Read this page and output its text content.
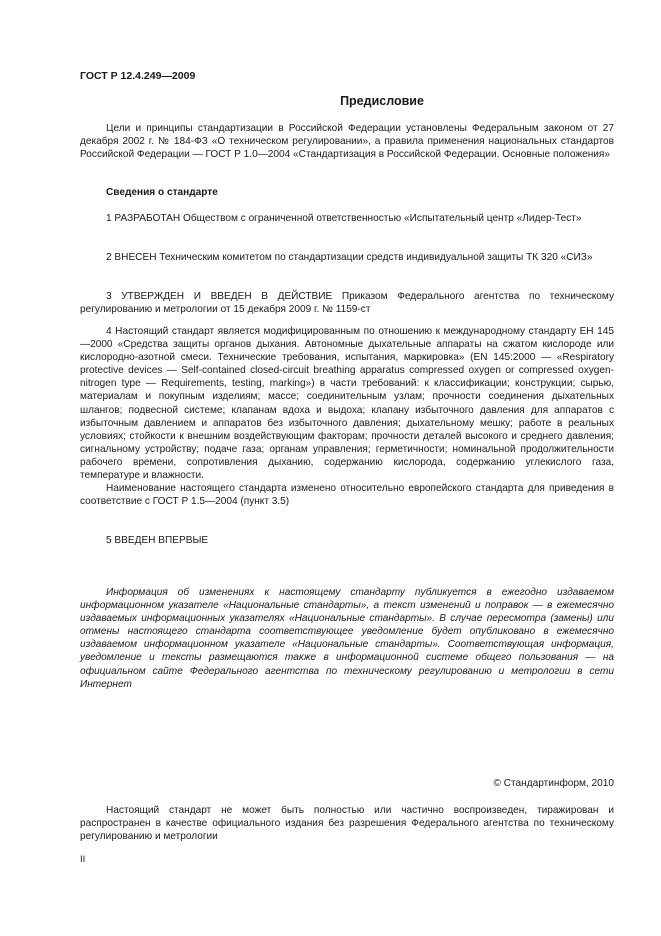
ГОСТ Р 12.4.249—2009
Предисловие

Цели и принципы стандартизации в Российской Федерации установлены Федеральным законом от 27 декабря 2002 г. № 184-ФЗ «О техническом регулировании», а правила применения национальных стандартов Российской Федерации — ГОСТ Р 1.0—2004 «Стандартизация в Российской Федерации. Основные положения»

Сведения о стандарте

1 РАЗРАБОТАН Обществом с ограниченной ответственностью «Испытательный центр «Лидер-Тест»

2 ВНЕСЕН Техническим комитетом по стандартизации средств индивидуальной защиты ТК 320 «СИЗ»

3 УТВЕРЖДЕН И ВВЕДЕН В ДЕЙСТВИЕ Приказом Федерального агентства по техническому регулированию и метрологии от 15 декабря 2009 г. № 1159-ст

4 Настоящий стандарт является модифицированным по отношению к международному стандарту ЕН 145—2000 «Средства защиты органов дыхания. Автономные дыхательные аппараты на сжатом кислороде или кислородно-азотной смеси. Технические требования, испытания, маркировка» (EN 145:2000 — «Respiratory protective devices — Self-contained closed-circuit breathing apparatus compressed oxygen or compressed oxygen-nitrogen type — Requirements, testing, marking») в части требований: к классификации; конструкции; сырью, материалам и покупным изделиям; массе; соединительным узлам; прочности соединения дыхательных шлангов; подвесной системе; клапанам вдоха и выдоха; клапану избыточного давления для аппаратов с избыточным давлением и аппаратов без избыточного давления; дыхательному мешку; работе в реальных условиях; стойкости к внешним воздействующим факторам; прочности деталей высокого и среднего давления; сигнальному устройству; подаче газа; органам управления; герметичности; номинальной продолжительности рабочего времени, сопротивления дыханию, содержанию кислорода, содержанию углекислого газа, температуре и влажности.

Наименование настоящего стандарта изменено относительно европейского стандарта для приведения в соответствие с ГОСТ Р 1.5—2004 (пункт 3.5)

5 ВВЕДЕН ВПЕРВЫЕ

Информация об изменениях к настоящему стандарту публикуется в ежегодно издаваемом информационном указателе «Национальные стандарты», а текст изменений и поправок — в ежемесячно издаваемых информационных указателях «Национальные стандарты». В случае пересмотра (замены) или отмены настоящего стандарта соответствующее уведомление будет опубликовано в ежемесячно издаваемом информационном указателе «Национальные стандарты». Соответствующая информация, уведомление и тексты размещаются также в информационной системе общего пользования — на официальном сайте Федерального агентства по техническому регулированию и метрологии в сети Интернет

© Стандартинформ, 2010

Настоящий стандарт не может быть полностью или частично воспроизведен, тиражирован и распространен в качестве официального издания без разрешения Федерального агентства по техническому регулированию и метрологии

II
